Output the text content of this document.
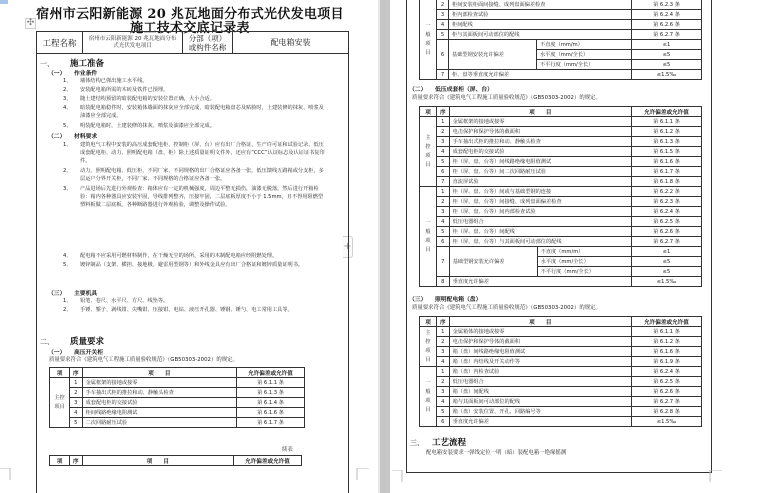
✣
+
宿州市云阳新能源 20 兆瓦地面分布式光伏发电项目
施工技术交底记录表
工程名称	宿州市云阳新能源 20 兆瓦地面分布式光伏发电项目	分部（项）或构件名称	配电箱安装
一、 施工准备
（一） 作业条件
1、 墙体结构已弹出施工水平线。
2、 安装配电箱所需的木砖及铁件已预埋。
3、 随土建结构预留的暗装配电箱的安装位置正确，大小合适。
4、 暗装配电箱稳件时，安装箱体墙面的抹灰应全部完成，暗装配电箱盘芯及贴脸时，土建装修的抹灰、喷浆及油漆应全部完成。
5、 明装配电箱时，土建装修的抹灰、喷浆及油漆应全部完成。
（二） 材料要求
1、 建筑电气工程中安装的高压成套配电柜、控制柜（屏、台）应有出厂合格证、生产许可证和试验记录。低压成套配电柜、动力、照明配电箱（盘、柜）除上述质量证明文件外，还应有“CCC”认证标志及认证证书复印件。
2、 动力、照明配电箱、低压柜，不同厂家、不同规格的出厂合格证应各备一张。低压馈线五路箱或分支柜，多层运户分界开关柜，不同厂家、不同规格的合格证应各备一张。
3、 产品进场后先进行外观检查：箱体应有一定的机械强度，周边平整无损伤，油漆无脱落，然后进行开箱检验：箱内各种器具应安装牢固，导线排列整齐，压接牢固，二层底板厚度不小于 1.5mm，且不得用阻燃型塑料板做二层底板。各种断路器进行外观检验，调整及操作试验。
4、 配电箱不应采用可燃材料制作，在干燥无尘的场所，采用的木制配电箱应经阻燃处理。
5、 镀锌制品（支架、横担、接地极、避雷用型钢等）和外线金具应有出厂合格证和镀锌质量证明书。
（三） 主要机具
1、 铅笔、卷尺、水平尺、方尺、线坠等。
2、 手锤、錾子、剥线钳、尖嘴钳、压接钳、电钻、液压开孔器、锤钢、锤勺、电工常用工具等。
二、 质量要求
（一） 高压开关柜
质量要求符合《建筑电气工程施工质量验收规范》（GB50303-2002）的规定。
项	序	项　　目	允许偏差或允许值
主控项目	1	金属框架的接地或接零	第 6.1.1 条
	2	手车抽出式柜的推拉和动、静触头检查	第 6.1.3 条
	3	成套配电柜的交接试验	第 6.1.4 条
	4	柜间线路绝缘电阻测试	第 6.1.6 条
	5	二次回路耐压试验	第 6.1.7 条
续表
项	序	项　　目	允许偏差或允许值
一般项目	2	柜间安装柜面间接缝、成列盘面偏差检查		第 6.2.3 条
	3	柜内部检查试验		第 6.2.4 条
	4	柜间配线		第 6.2.6 条
	5	柜与其面板间可动部位的配线		第 6.2.7 条
	6	基础型钢安装允许偏差	不直度（mm/m）	≤1
			水平度（mm/全长）	≤5
			不平行度（mm/全长）	≤5
	7	柜、盘等垂直度允许偏差		≤1.5‰
（二） 低压成套柜（屏、台）
质量要求符合《建筑电气工程施工质量验收规范》（GB50303-2002）的规定。
项	序	项　　目		允许偏差或允许值
主控项目	1	金属框架的接地或接零		第 6.1.1 条
	2	电击保护和保护导体的截面积		第 6.1.2 条
	3	手车抽出式柜的推拉和动、静触头检查		第 6.1.3 条
	4	成套配电柜的交接试验		第 6.1.5 条
	5	柜（屏、盘、台等）间线路绝缘电阻值测试		第 6.1.6 条
	6	柜（屏、盘、台等）间二次回路耐压试验		第 6.1.7 条
	7	直流屏试验		第 6.1.8 条
一般项目	1	柜（屏、盘、台等）间或与基础型钢的连接		第 6.2.2 条
	2	柜（屏、盘、台等）间接缝、成列盘面偏差检查		第 6.2.3 条
	3	柜（屏、盘、台等）间内部检查试验		第 6.2.4 条
	4	低压电器组合		第 6.2.5 条
	5	柜（屏、盘、台等）间配线		第 6.2.6 条
	6	柜（屏、盘、台等）与其面板间可动部位的配线		第 6.2.7 条
	7	基础型钢安装允许偏差	不直度（mm/m）	≤1
			水平度（mm/全长）	≤5
			不平行度（mm/全长）	≤5
	8	垂直度允许偏差		≤1.5‰
（三） 照明配电箱（盘）
质量要求符合《建筑电气工程施工质量验收规范》（GB50303-2002）的规定。
项	序	项　　目	允许偏差或允许值
主控项目	1	金属箱体的接地或接零	第 6.1.1 条
	2	电击保护和保护导体的截面积	第 6.1.2 条
	3	箱（盘）间线路绝缘电阻值测试	第 6.1.6 条
	4	箱（盘）内结线及开关动作等	第 6.1.9 条
一般项目	1	箱（盘）内检查试验	第 6.2.4 条
	2	低压电器组合	第 6.2.5 条
	3	箱（盘）间配线	第 6.2.6 条
	4	箱与其面板间可动部位的配线	第 6.2.7 条
	5	箱（盘）安装位置、开孔、回路编号等	第 6.2.8 条
	6	垂直度允许偏差	≤1.5‰
三、 工艺流程
配电箱安装要求一弹线定位一明（暗）装配电箱一绝缘摇测
